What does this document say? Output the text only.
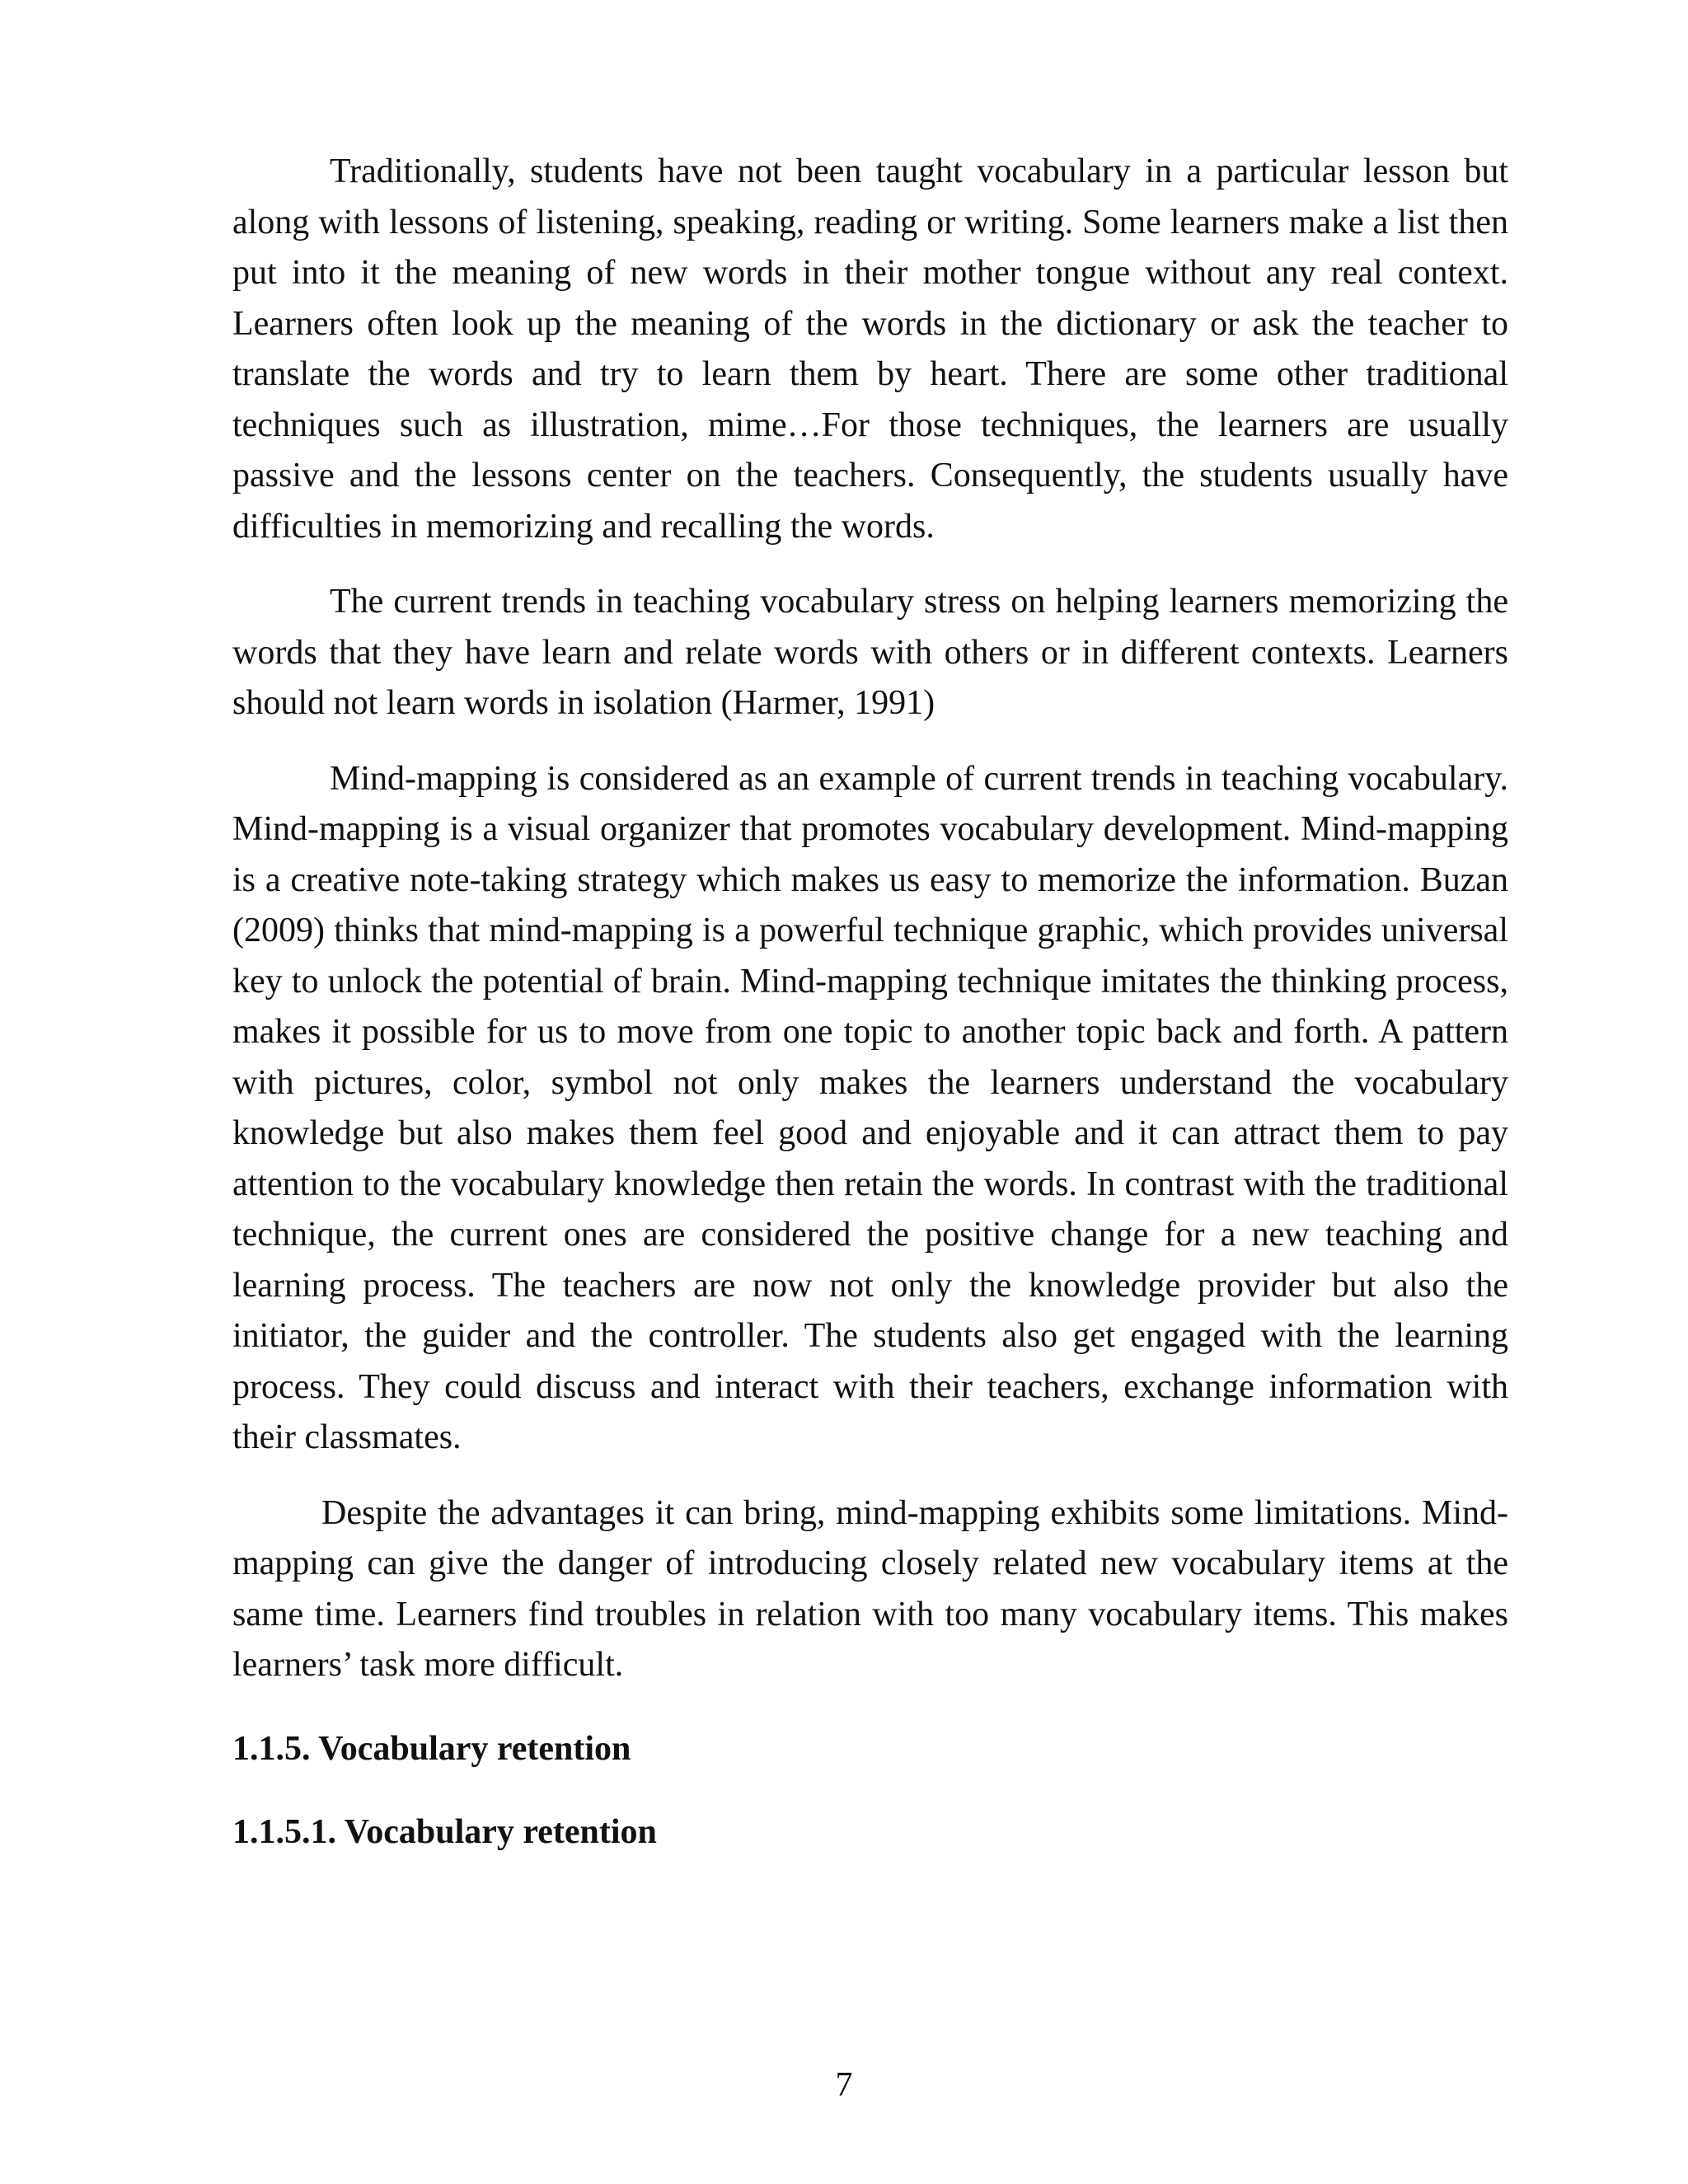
Traditionally, students have not been taught vocabulary in a particular lesson but along with lessons of listening, speaking, reading or writing. Some learners make a list then put into it the meaning of new words in their mother tongue without any real context. Learners often look up the meaning of the words in the dictionary or ask the teacher to translate the words and try to learn them by heart. There are some other traditional techniques such as illustration, mime…For those techniques, the learners are usually passive and the lessons center on the teachers. Consequently, the students usually have difficulties in memorizing and recalling the words.

The current trends in teaching vocabulary stress on helping learners memorizing the words that they have learn and relate words with others or in different contexts. Learners should not learn words in isolation (Harmer, 1991)

Mind-mapping is considered as an example of current trends in teaching vocabulary. Mind-mapping is a visual organizer that promotes vocabulary development. Mind-mapping is a creative note-taking strategy which makes us easy to memorize the information. Buzan (2009) thinks that mind-mapping is a powerful technique graphic, which provides universal key to unlock the potential of brain. Mind-mapping technique imitates the thinking process, makes it possible for us to move from one topic to another topic back and forth. A pattern with pictures, color, symbol not only makes the learners understand the vocabulary knowledge but also makes them feel good and enjoyable and it can attract them to pay attention to the vocabulary knowledge then retain the words. In contrast with the traditional technique, the current ones are considered the positive change for a new teaching and learning process. The teachers are now not only the knowledge provider but also the initiator, the guider and the controller. The students also get engaged with the learning process. They could discuss and interact with their teachers, exchange information with their classmates.

Despite the advantages it can bring, mind-mapping exhibits some limitations. Mind-mapping can give the danger of introducing closely related new vocabulary items at the same time. Learners find troubles in relation with too many vocabulary items. This makes learners’ task more difficult.

1.1.5. Vocabulary retention
1.1.5.1. Vocabulary retention
7
